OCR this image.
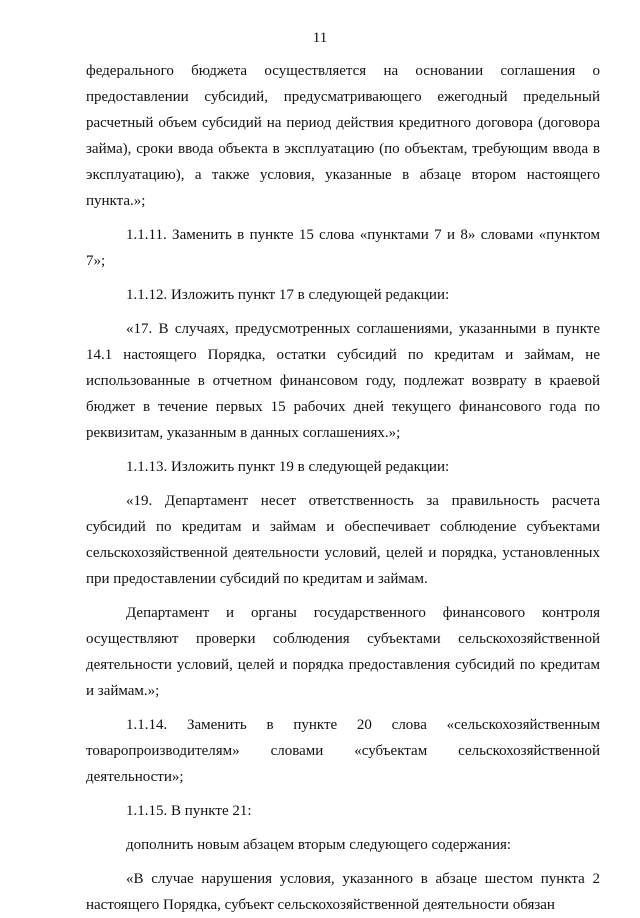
11

федерального бюджета осуществляется на основании соглашения о предоставлении субсидий, предусматривающего ежегодный предельный расчетный объем субсидий на период действия кредитного договора (договора займа), сроки ввода объекта в эксплуатацию (по объектам, требующим ввода в эксплуатацию), а также условия, указанные в абзаце втором настоящего пункта.»;

1.1.11. Заменить в пункте 15 слова «пунктами 7 и 8» словами «пунктом 7»;

1.1.12. Изложить пункт 17 в следующей редакции:

«17. В случаях, предусмотренных соглашениями, указанными в пункте 14.1 настоящего Порядка, остатки субсидий по кредитам и займам, не использованные в отчетном финансовом году, подлежат возврату в краевой бюджет в течение первых 15 рабочих дней текущего финансового года по реквизитам, указанным в данных соглашениях.»;

1.1.13. Изложить пункт 19 в следующей редакции:

«19. Департамент несет ответственность за правильность расчета субсидий по кредитам и займам и обеспечивает соблюдение субъектами сельскохозяйственной деятельности условий, целей и порядка, установленных при предоставлении субсидий по кредитам и займам.

Департамент и органы государственного финансового контроля осуществляют проверки соблюдения субъектами сельскохозяйственной деятельности условий, целей и порядка предоставления субсидий по кредитам и займам.»;

1.1.14. Заменить в пункте 20 слова «сельскохозяйственным товаропроизводителям» словами «субъектам сельскохозяйственной деятельности»;

1.1.15. В пункте 21:

дополнить новым абзацем вторым следующего содержания:

«В случае нарушения условия, указанного в абзаце шестом пункта 2 настоящего Порядка, субъект сельскохозяйственной деятельности обязан
